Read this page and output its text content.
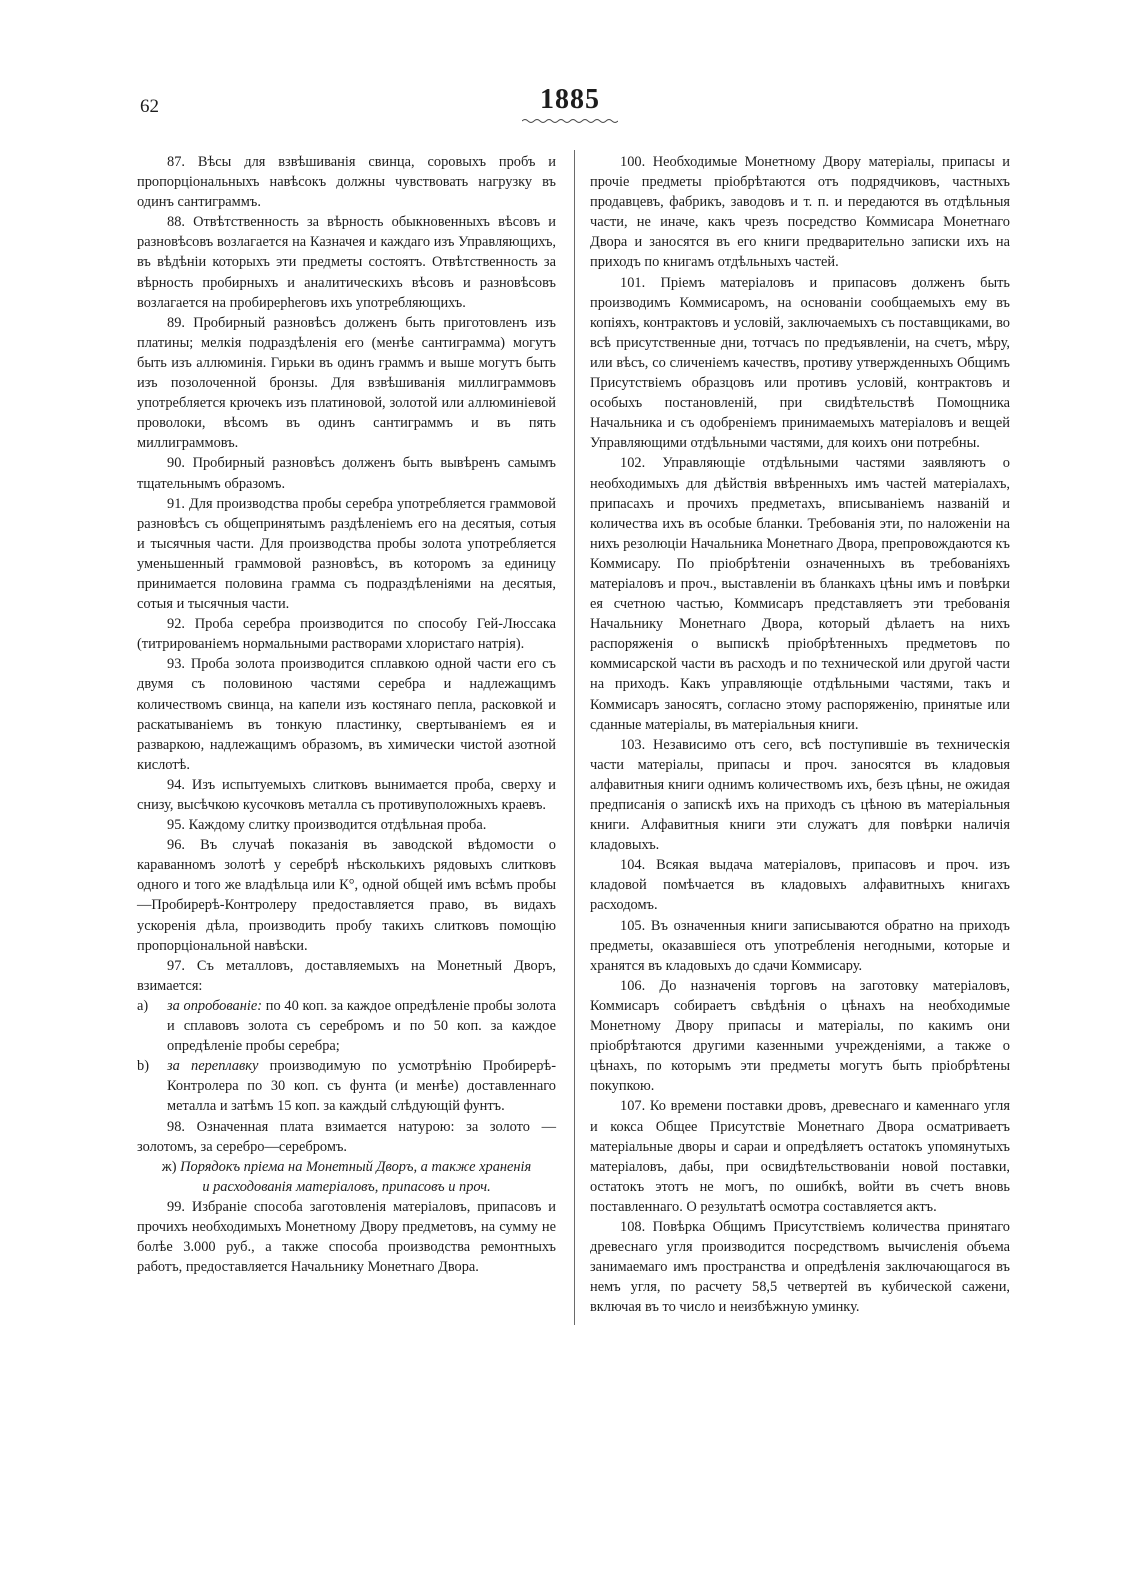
62	1885

87. Вѣсы для взвѣшиванія свинца, соровыхъ пробъ и пропорціональныхъ навѣсокъ должны чувствовать нагрузку въ одинъ сантиграммъ.

88. Отвѣтственность за вѣрность обыкновенныхъ вѣсовъ и разновѣсовъ возлагается на Казначея и каждаго изъ Управляющихъ, въ вѣдѣніи которыхъ эти предметы состоятъ. Отвѣтственность за вѣрность пробирныхъ и аналитическихъ вѣсовъ и разновѣсовъ возлагается на пробирерherовъ ихъ употребляющихъ.

89. Пробирный разновѣсъ долженъ быть приготовленъ изъ платины; мелкія подраздѣленія его (менѣе сантиграмма) могутъ быть изъ аллюминія. Гирьки въ одинъ граммъ и выше могутъ быть изъ позолоченной бронзы. Для взвѣшиванія миллиграммовъ употребляется крючекъ изъ платиновой, золотой или аллюминіевой проволоки, вѣсомъ въ одинъ сантиграммъ и въ пять миллиграммовъ.

90. Пробирный разновѣсъ долженъ быть вывѣренъ самымъ тщательнымъ образомъ.

91. Для производства пробы серебра употребляется граммовой разновѣсъ съ общепринятымъ раздѣленіемъ его на десятыя, сотыя и тысячныя части. Для производства пробы золота употребляется уменьшенный граммовой разновѣсъ, въ которомъ за единицу принимается половина грамма съ подраздѣленіями на десятыя, сотыя и тысячныя части.

92. Проба серебра производится по способу Гей-Люссака (титрированіемъ нормальными растворами хлористаго натрія).

93. Проба золота производится сплавкою одной части его съ двумя съ половиною частями серебра и надлежащимъ количествомъ свинца, на капели изъ костянаго пепла, расковкой и раскатываніемъ въ тонкую пластинку, свертываніемъ ея и разваркою, надлежащимъ образомъ, въ химически чистой азотной кислотѣ.

94. Изъ испытуемыхъ слитковъ вынимается проба, сверху и снизу, высѣчкою кусочковъ металла съ противуположныхъ краевъ.

95. Каждому слитку производится отдѣльная проба.

96. Въ случаѣ показанія въ заводской вѣдомости о караванномъ золотѣ у серебрѣ нѣсколькихъ рядовыхъ слитковъ одного и того же владѣльца или К°, одной общей имъ всѣмъ пробы—Пробирерѣ-Контролеру предоставляется право, въ видахъ ускоренія дѣла, производить пробу такихъ слитковъ помощію пропорціональной навѣски.

97. Съ металловъ, доставляемыхъ на Монетный Дворъ, взимается:

a) за опробованіе: по 40 коп. за каждое опредѣленіе пробы золота и сплавовъ золота съ серебромъ и по 50 коп. за каждое опредѣленіе пробы серебра;

b) за переплавку производимую по усмотрѣнію Пробирерѣ-Контролера по 30 коп. съ фунта (и менѣе) доставленнаго металла и затѣмъ 15 коп. за каждый слѣдующій фунтъ.

98. Означенная плата взимается натурою: за золото — золотомъ, за серебро—серебромъ.

ж) Порядокъ пріема на Монетный Дворъ, а также храненія
и расходованія матеріаловъ, припасовъ и проч.

99. Избраніе способа заготовленія матеріаловъ, припасовъ и прочихъ необходимыхъ Монетному Двору предметовъ, на сумму не болѣе 3.000 руб., а также способа производства ремонтныхъ работъ, предоставляется Начальнику Монетнаго Двора.

100. Необходимые Монетному Двору матеріалы, припасы и прочіе предметы пріобрѣтаются отъ подрядчиковъ, частныхъ продавцевъ, фабрикъ, заводовъ и т. п. и передаются въ отдѣльныя части, не иначе, какъ чрезъ посредство Коммисара Монетнаго Двора и заносятся въ его книги предварительно записки ихъ на приходъ по книгамъ отдѣльныхъ частей.

101. Пріемъ матеріаловъ и припасовъ долженъ быть производимъ Коммисаромъ, на основаніи сообщаемыхъ ему въ копіяхъ, контрактовъ и условій, заключаемыхъ съ поставщиками, во всѣ присутственные дни, тотчасъ по предъявленіи, на счетъ, мѣру, или вѣсъ, со сличеніемъ качествъ, противу утвержденныхъ Общимъ Присутствіемъ образцовъ или противъ условій, контрактовъ и особыхъ постановленій, при свидѣтельствѣ Помощника Начальника и съ одобреніемъ принимаемыхъ матеріаловъ и вещей Управляющими отдѣльными частями, для коихъ они потребны.

102. Управляющіе отдѣльными частями заявляютъ о необходимыхъ для дѣйствія ввѣренныхъ имъ частей матеріалахъ, припасахъ и прочихъ предметахъ, вписываніемъ названій и количества ихъ въ особые бланки. Требованія эти, по наложеніи на нихъ резолюціи Начальника Монетнаго Двора, препровождаются къ Коммисару. По пріобрѣтеніи означенныхъ въ требованіяхъ матеріаловъ и проч., выставленіи въ бланкахъ цѣны имъ и повѣрки ея счетною частью, Коммисаръ представляетъ эти требованія Начальнику Монетнаго Двора, который дѣлаетъ на нихъ распоряженія о выпискѣ пріобрѣтенныхъ предметовъ по коммисарской части въ расходъ и по технической или другой части на приходъ. Какъ управляющіе отдѣльными частями, такъ и Коммисаръ заносятъ, согласно этому распоряженію, принятые или сданные матеріалы, въ матеріальныя книги.

103. Независимо отъ сего, всѣ поступившіе въ техническія части матеріалы, припасы и проч. заносятся въ кладовыя алфавитныя книги однимъ количествомъ ихъ, безъ цѣны, не ожидая предписанія о запискѣ ихъ на приходъ съ цѣною въ матеріальныя книги. Алфавитныя книги эти служатъ для повѣрки наличія кладовыхъ.

104. Всякая выдача матеріаловъ, припасовъ и проч. изъ кладовой помѣчается въ кладовыхъ алфавитныхъ книгахъ расходомъ.

105. Въ означенныя книги записываются обратно на приходъ предметы, оказавшіеся отъ употребленія негодными, которые и хранятся въ кладовыхъ до сдачи Коммисару.

106. До назначенія торговъ на заготовку матеріаловъ, Коммисаръ собираетъ свѣдѣнія о цѣнахъ на необходимые Монетному Двору припасы и матеріалы, по какимъ они пріобрѣтаются другими казенными учрежденіями, а также о цѣнахъ, по которымъ эти предметы могутъ быть пріобрѣтены покупкою.

107. Ко времени поставки дровъ, древеснаго и каменнаго угля и кокса Общее Присутствіе Монетнаго Двора осматриваетъ матеріальные дворы и сараи и опредѣляетъ остатокъ упомянутыхъ матеріаловъ, дабы, при освидѣтельствованіи новой поставки, остатокъ этотъ не могъ, по ошибкѣ, войти въ счетъ вновь поставленнаго. О результатѣ осмотра составляется актъ.

108. Повѣрка Общимъ Присутствіемъ количества принятаго древеснаго угля производится посредствомъ вычисленія объема занимаемаго имъ пространства и опредѣленія заключающагося въ немъ угля, по расчету 58,5 четвертей въ кубической сажени, включая въ то число и неизбѣжную уминку.
